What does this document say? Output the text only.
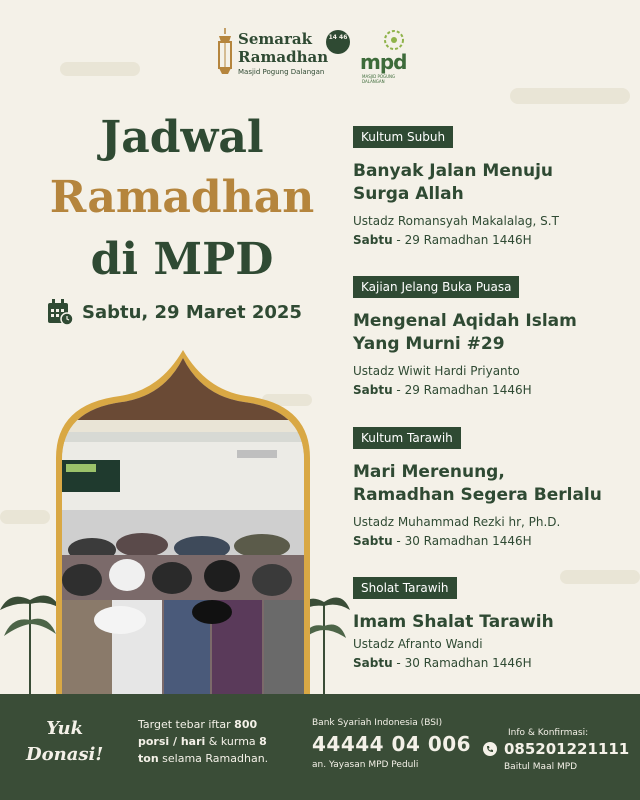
Semarak
Ramadhan
Masjid Pogung Dalangan
14 46
mpd
MASJID POGUNG DALANGAN
Jadwal
Ramadhan
di MPD
Sabtu, 29 Maret 2025
Kultum Subuh
Banyak Jalan Menuju
Surga Allah
Ustadz Romansyah Makalalag, S.T
Sabtu - 29 Ramadhan 1446H
Kajian Jelang Buka Puasa
Mengenal Aqidah Islam
Yang Murni #29
Ustadz Wiwit Hardi Priyanto
Sabtu - 29 Ramadhan 1446H
Kultum Tarawih
Mari Merenung,
Ramadhan Segera Berlalu
Ustadz Muhammad Rezki hr, Ph.D.
Sabtu - 30 Ramadhan 1446H
Sholat Tarawih
Imam Shalat Tarawih
Ustadz Afranto Wandi
Sabtu - 30 Ramadhan 1446H
Yuk
Donasi!
Target tebar iftar 800
porsi / hari & kurma 8
ton selama Ramadhan.
Bank Syariah Indonesia (BSI)
44444 04 006
an. Yayasan MPD Peduli
Info & Konfirmasi:
085201221111
Baitul Maal MPD
